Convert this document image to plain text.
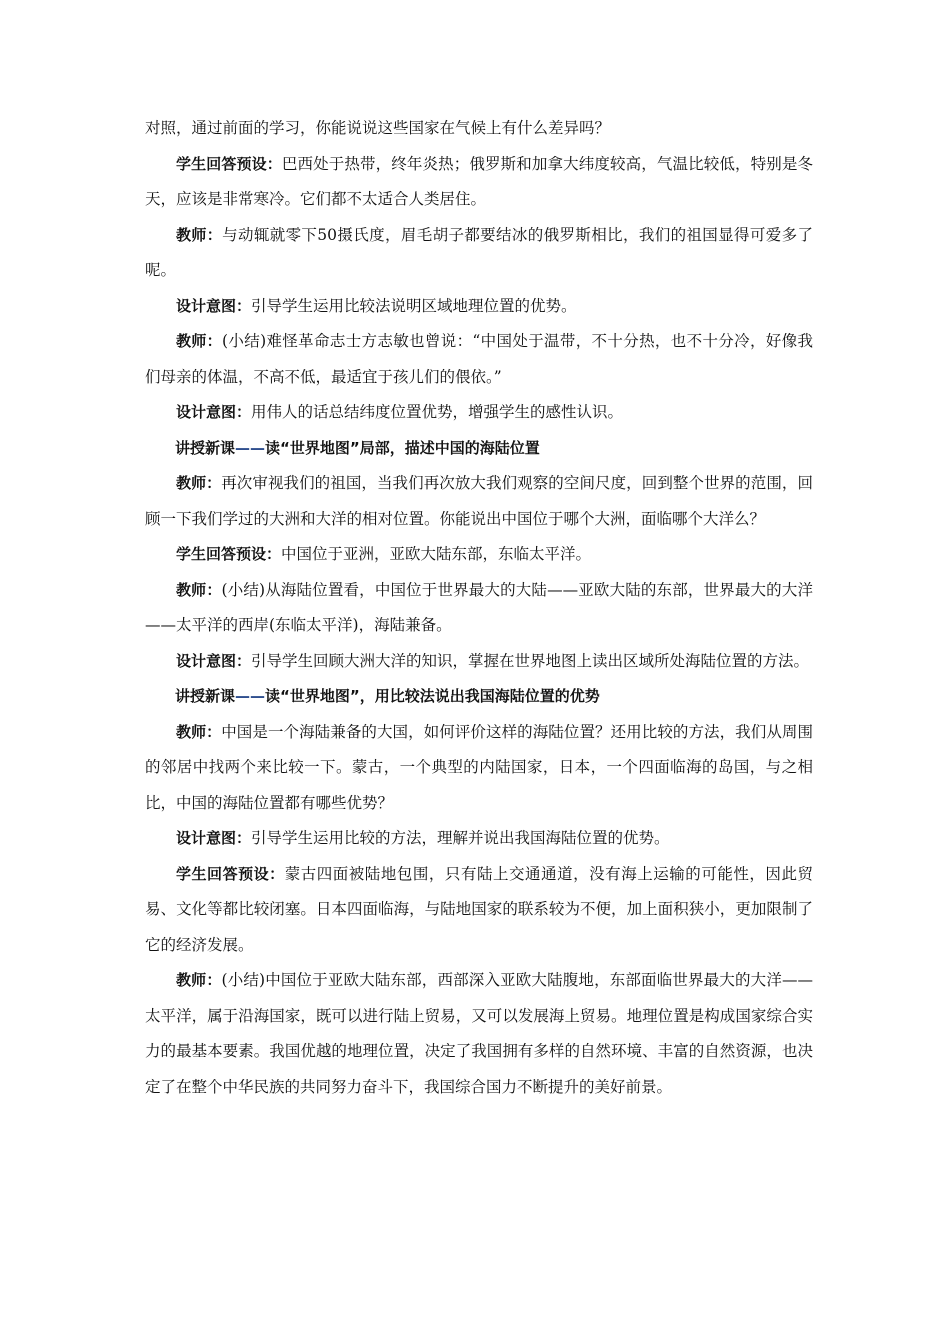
对照，通过前面的学习，你能说说这些国家在气候上有什么差异吗？

学生回答预设：巴西处于热带，终年炎热；俄罗斯和加拿大纬度较高，气温比较低，特别是冬天，应该是非常寒冷。它们都不太适合人类居住。

教师：与动辄就零下50摄氏度，眉毛胡子都要结冰的俄罗斯相比，我们的祖国显得可爱多了呢。

设计意图：引导学生运用比较法说明区域地理位置的优势。

教师：(小结)难怪革命志士方志敏也曾说：“中国处于温带，不十分热，也不十分冷，好像我们母亲的体温，不高不低，最适宜于孩儿们的偎依。”

设计意图：用伟人的话总结纬度位置优势，增强学生的感性认识。

讲授新课——读“世界地图”局部，描述中国的海陆位置

教师：再次审视我们的祖国，当我们再次放大我们观察的空间尺度，回到整个世界的范围，回顾一下我们学过的大洲和大洋的相对位置。你能说出中国位于哪个大洲，面临哪个大洋么？

学生回答预设：中国位于亚洲，亚欧大陆东部，东临太平洋。

教师：(小结)从海陆位置看，中国位于世界最大的大陆——亚欧大陆的东部，世界最大的大洋——太平洋的西岸(东临太平洋)，海陆兼备。

设计意图：引导学生回顾大洲大洋的知识，掌握在世界地图上读出区域所处海陆位置的方法。

讲授新课——读“世界地图”，用比较法说出我国海陆位置的优势

教师：中国是一个海陆兼备的大国，如何评价这样的海陆位置？还用比较的方法，我们从周围的邻居中找两个来比较一下。蒙古，一个典型的内陆国家，日本，一个四面临海的岛国，与之相比，中国的海陆位置都有哪些优势？

设计意图：引导学生运用比较的方法，理解并说出我国海陆位置的优势。

学生回答预设：蒙古四面被陆地包围，只有陆上交通通道，没有海上运输的可能性，因此贸易、文化等都比较闭塞。日本四面临海，与陆地国家的联系较为不便，加上面积狭小，更加限制了它的经济发展。

教师：(小结)中国位于亚欧大陆东部，西部深入亚欧大陆腹地，东部面临世界最大的大洋——太平洋，属于沿海国家，既可以进行陆上贸易，又可以发展海上贸易。地理位置是构成国家综合实力的最基本要素。我国优越的地理位置，决定了我国拥有多样的自然环境、丰富的自然资源，也决定了在整个中华民族的共同努力奋斗下，我国综合国力不断提升的美好前景。
